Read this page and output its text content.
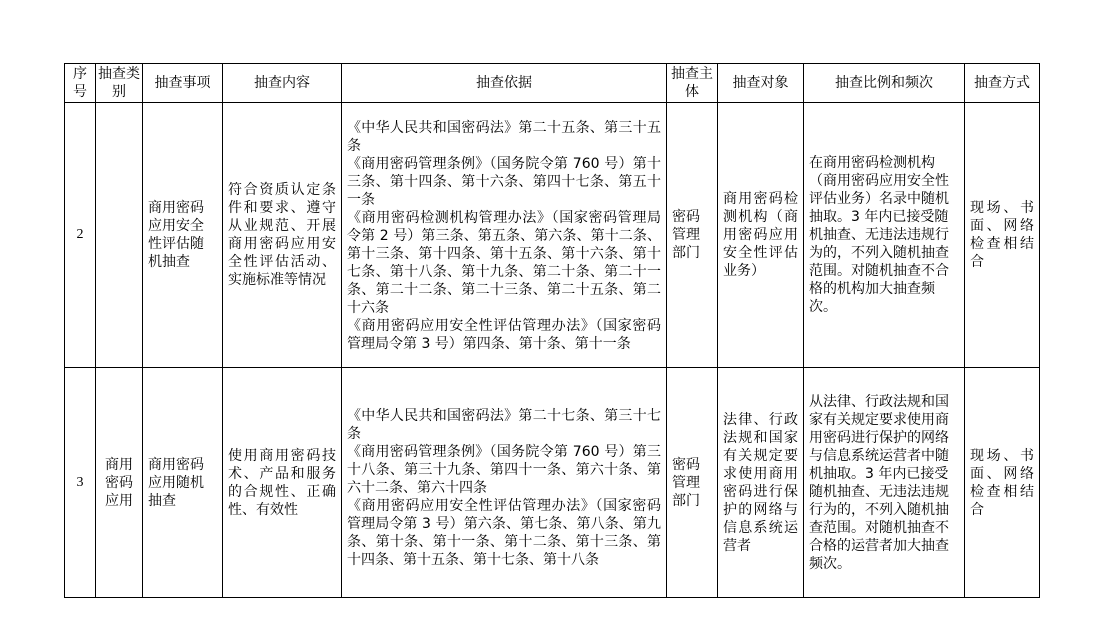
序号	抽查类别	抽查事项	抽查内容	抽查依据	抽查主体	抽查对象	抽查比例和频次	抽查方式
2		商用密码应用安全性评估随机抽查	符合资质认定条件和要求、遵守从业规范、开展商用密码应用安全性评估活动、实施标准等情况	《中华人民共和国密码法》第二十五条、第三十五条
《商用密码管理条例》（国务院令第 760 号）第十三条、第十四条、第十六条、第四十七条、第五十一条
《商用密码检测机构管理办法》（国家密码管理局令第 2 号）第三条、第五条、第六条、第十二条、第十三条、第十四条、第十五条、第十六条、第十七条、第十八条、第十九条、第二十条、第二十一条、第二十二条、第二十三条、第二十五条、第二十六条
《商用密码应用安全性评估管理办法》（国家密码管理局令第 3 号）第四条、第十条、第十一条	密码管理部门	商用密码检测机构（商用密码应用安全性评估业务）	在商用密码检测机构（商用密码应用安全性评估业务）名录中随机抽取。3 年内已接受随机抽查、无违法违规行为的，不列入随机抽查范围。对随机抽查不合格的机构加大抽查频次。	现场、书面、网络检查相结合
3	商用密码应用	商用密码应用随机抽查	使用商用密码技术、产品和服务的合规性、正确性、有效性	《中华人民共和国密码法》第二十七条、第三十七条
《商用密码管理条例》（国务院令第 760 号）第三十八条、第三十九条、第四十一条、第六十条、第六十二条、第六十四条
《商用密码应用安全性评估管理办法》（国家密码管理局令第 3 号）第六条、第七条、第八条、第九条、第十条、第十一条、第十二条、第十三条、第十四条、第十五条、第十七条、第十八条	密码管理部门	法律、行政法规和国家有关规定要求使用商用密码进行保护的网络与信息系统运营者	从法律、行政法规和国家有关规定要求使用商用密码进行保护的网络与信息系统运营者中随机抽取。3 年内已接受随机抽查、无违法违规行为的，不列入随机抽查范围。对随机抽查不合格的运营者加大抽查频次。	现场、书面、网络检查相结合
